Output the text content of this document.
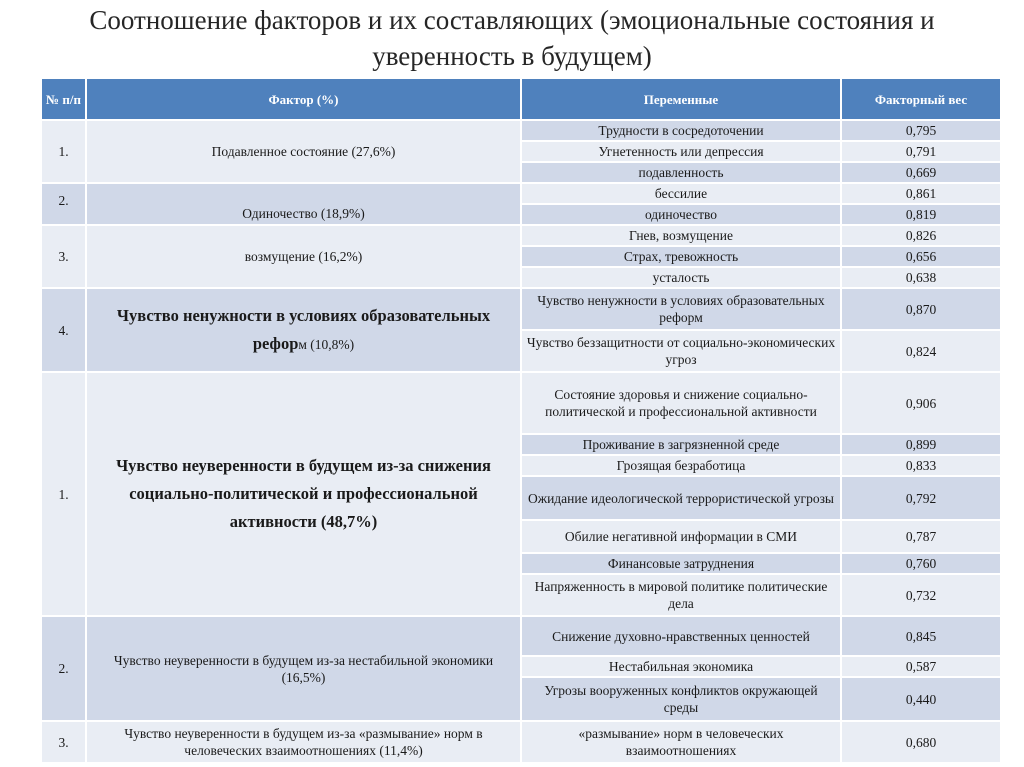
Соотношение факторов и их составляющих (эмоциональные состояния и
уверенность в будущем)
№ п/п	Фактор (%)	Переменные	Факторный вес
1.	Подавленное состояние (27,6%)	Трудности в сосредоточении	0,795
		Угнетенность или депрессия	0,791
		подавленность	0,669
2.	Одиночество (18,9%)	бессилие	0,861
		одиночество	0,819
3.	возмущение (16,2%)	Гнев, возмущение	0,826
		Страх, тревожность	0,656
		усталость	0,638
4.	Чувство ненужности в условиях образовательных реформ (10,8%)	Чувство ненужности в условиях образовательных реформ	0,870
		Чувство беззащитности от социально-экономических угроз	0,824
1.	Чувство неуверенности в будущем из-за снижения социально-политической и профессиональной активности (48,7%)	Состояние здоровья и снижение социально-политической и профессиональной активности	0,906
		Проживание в загрязненной среде	0,899
		Грозящая безработица	0,833
		Ожидание идеологической террористической угрозы	0,792
		Обилие негативной информации в СМИ	0,787
		Финансовые затруднения	0,760
		Напряженность в мировой политике политические дела	0,732
2.	Чувство неуверенности в будущем из-за нестабильной экономики (16,5%)	Снижение духовно-нравственных ценностей	0,845
		Нестабильная экономика	0,587
		Угрозы вооруженных конфликтов окружающей среды	0,440
3.	Чувство неуверенности в будущем из-за «размывание» норм в человеческих взаимоотношениях (11,4%)	«размывание» норм в человеческих взаимоотношениях	0,680
